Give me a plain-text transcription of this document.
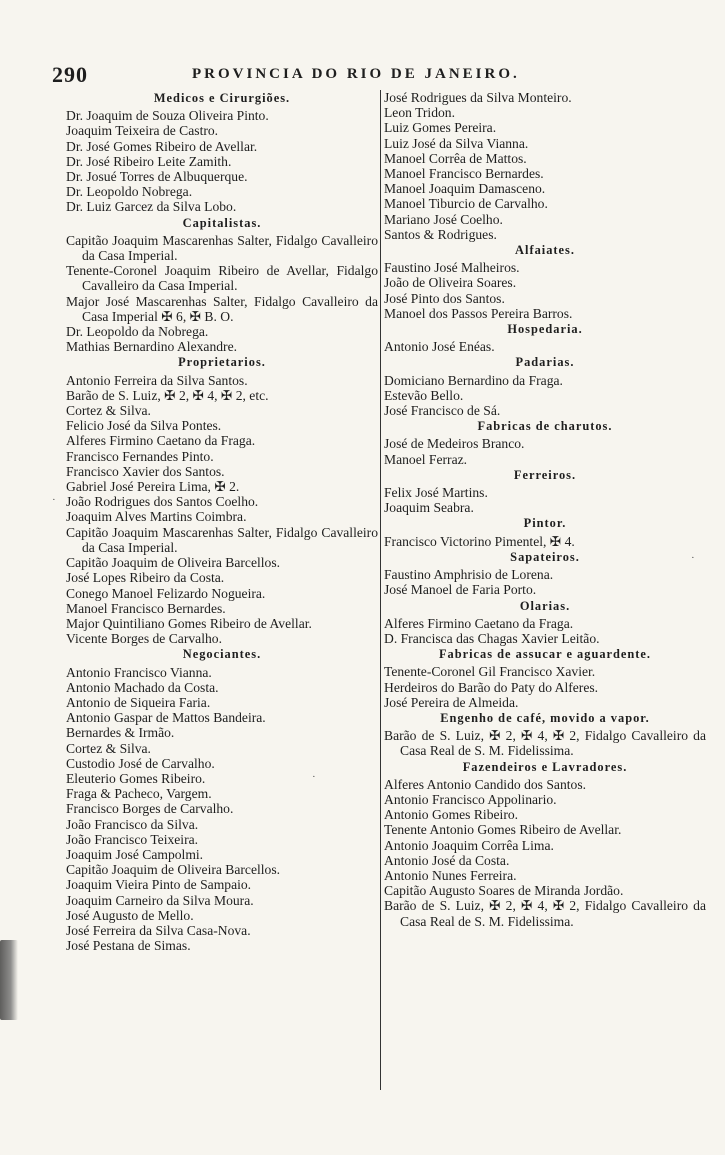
290	PROVINCIA DO RIO DE JANEIRO.
Medicos e Cirurgiões.
Dr. Joaquim de Souza Oliveira Pinto.
Joaquim Teixeira de Castro.
Dr. José Gomes Ribeiro de Avellar.
Dr. José Ribeiro Leite Zamith.
Dr. Josué Torres de Albuquerque.
Dr. Leopoldo Nobrega.
Dr. Luiz Garcez da Silva Lobo.
Capitalistas.
Capitão Joaquim Mascarenhas Salter, Fidalgo Cavalleiro da Casa Imperial.
Tenente-Coronel Joaquim Ribeiro de Avellar, Fidalgo Cavalleiro da Casa Imperial.
Major José Mascarenhas Salter, Fidalgo Cavalleiro da Casa Imperial ✠ 6, ✠ B. O.
Dr. Leopoldo da Nobrega.
Mathias Bernardino Alexandre.
Proprietarios.
Antonio Ferreira da Silva Santos.
Barão de S. Luiz, ✠ 2, ✠ 4, ✠ 2, etc.
Cortez & Silva.
Felicio José da Silva Pontes.
Alferes Firmino Caetano da Fraga.
Francisco Fernandes Pinto.
Francisco Xavier dos Santos.
Gabriel José Pereira Lima, ✠ 2.
João Rodrigues dos Santos Coelho.
Joaquim Alves Martins Coimbra.
Capitão Joaquim Mascarenhas Salter, Fidalgo Cavalleiro da Casa Imperial.
Capitão Joaquim de Oliveira Barcellos.
José Lopes Ribeiro da Costa.
Conego Manoel Felizardo Nogueira.
Manoel Francisco Bernardes.
Major Quintiliano Gomes Ribeiro de Avellar.
Vicente Borges de Carvalho.
Negociantes.
Antonio Francisco Vianna.
Antonio Machado da Costa.
Antonio de Siqueira Faria.
Antonio Gaspar de Mattos Bandeira.
Bernardes & Irmão.
Cortez & Silva.
Custodio José de Carvalho.
Eleuterio Gomes Ribeiro.
Fraga & Pacheco, Vargem.
Francisco Borges de Carvalho.
João Francisco da Silva.
João Francisco Teixeira.
Joaquim José Campolmi.
Capitão Joaquim de Oliveira Barcellos.
Joaquim Vieira Pinto de Sampaio.
Joaquim Carneiro da Silva Moura.
José Augusto de Mello.
José Ferreira da Silva Casa-Nova.
José Pestana de Simas.
José Rodrigues da Silva Monteiro.
Leon Tridon.
Luiz Gomes Pereira.
Luiz José da Silva Vianna.
Manoel Corrêa de Mattos.
Manoel Francisco Bernardes.
Manoel Joaquim Damasceno.
Manoel Tiburcio de Carvalho.
Mariano José Coelho.
Santos & Rodrigues.
Alfaiates.
Faustino José Malheiros.
João de Oliveira Soares.
José Pinto dos Santos.
Manoel dos Passos Pereira Barros.
Hospedaria.
Antonio José Enéas.
Padarias.
Domiciano Bernardino da Fraga.
Estevão Bello.
José Francisco de Sá.
Fabricas de charutos.
José de Medeiros Branco.
Manoel Ferraz.
Ferreiros.
Felix José Martins.
Joaquim Seabra.
Pintor.
Francisco Victorino Pimentel, ✠ 4.
Sapateiros.
Faustino Amphrisio de Lorena.
José Manoel de Faria Porto.
Olarias.
Alferes Firmino Caetano da Fraga.
D. Francisca das Chagas Xavier Leitão.
Fabricas de assucar e aguardente.
Tenente-Coronel Gil Francisco Xavier.
Herdeiros do Barão do Paty do Alferes.
José Pereira de Almeida.
Engenho de café, movido a vapor.
Barão de S. Luiz, ✠ 2, ✠ 4, ✠ 2, Fidalgo Cavalleiro da Casa Real de S. M. Fidelissima.
Fazendeiros e Lavradores.
Alferes Antonio Candido dos Santos.
Antonio Francisco Appolinario.
Antonio Gomes Ribeiro.
Tenente Antonio Gomes Ribeiro de Avellar.
Antonio Joaquim Corrêa Lima.
Antonio José da Costa.
Antonio Nunes Ferreira.
Capitão Augusto Soares de Miranda Jordão.
Barão de S. Luiz, ✠ 2, ✠ 4, ✠ 2, Fidalgo Cavalleiro da Casa Real de S. M. Fidelissima.
·
·
·
